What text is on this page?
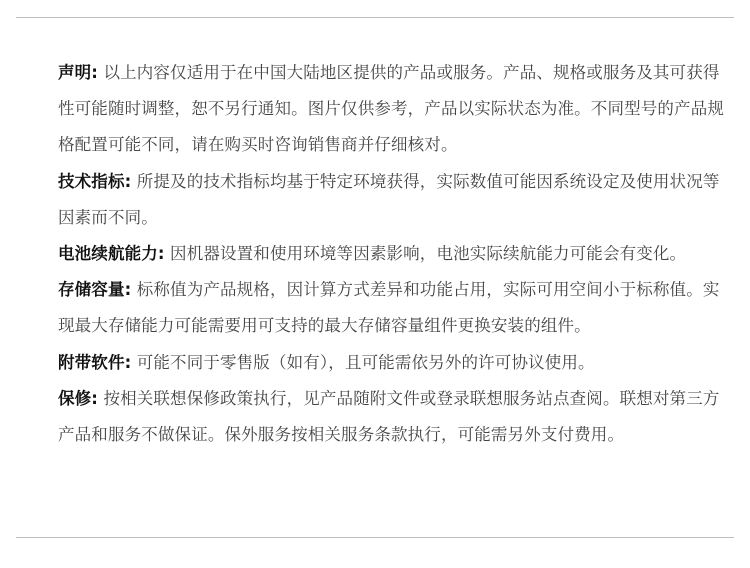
声明: 以上内容仅适用于在中国大陆地区提供的产品或服务。产品、规格或服务及其可获得性可能随时调整，恕不另行通知。图片仅供参考，产品以实际状态为准。不同型号的产品规格配置可能不同，请在购买时咨询销售商并仔细核对。

技术指标: 所提及的技术指标均基于特定环境获得，实际数值可能因系统设定及使用状况等因素而不同。

电池续航能力: 因机器设置和使用环境等因素影响，电池实际续航能力可能会有变化。

存储容量: 标称值为产品规格，因计算方式差异和功能占用，实际可用空间小于标称值。实现最大存储能力可能需要用可支持的最大存储容量组件更换安装的组件。

附带软件: 可能不同于零售版（如有），且可能需依另外的许可协议使用。

保修: 按相关联想保修政策执行，见产品随附文件或登录联想服务站点查阅。联想对第三方产品和服务不做保证。保外服务按相关服务条款执行，可能需另外支付费用。
